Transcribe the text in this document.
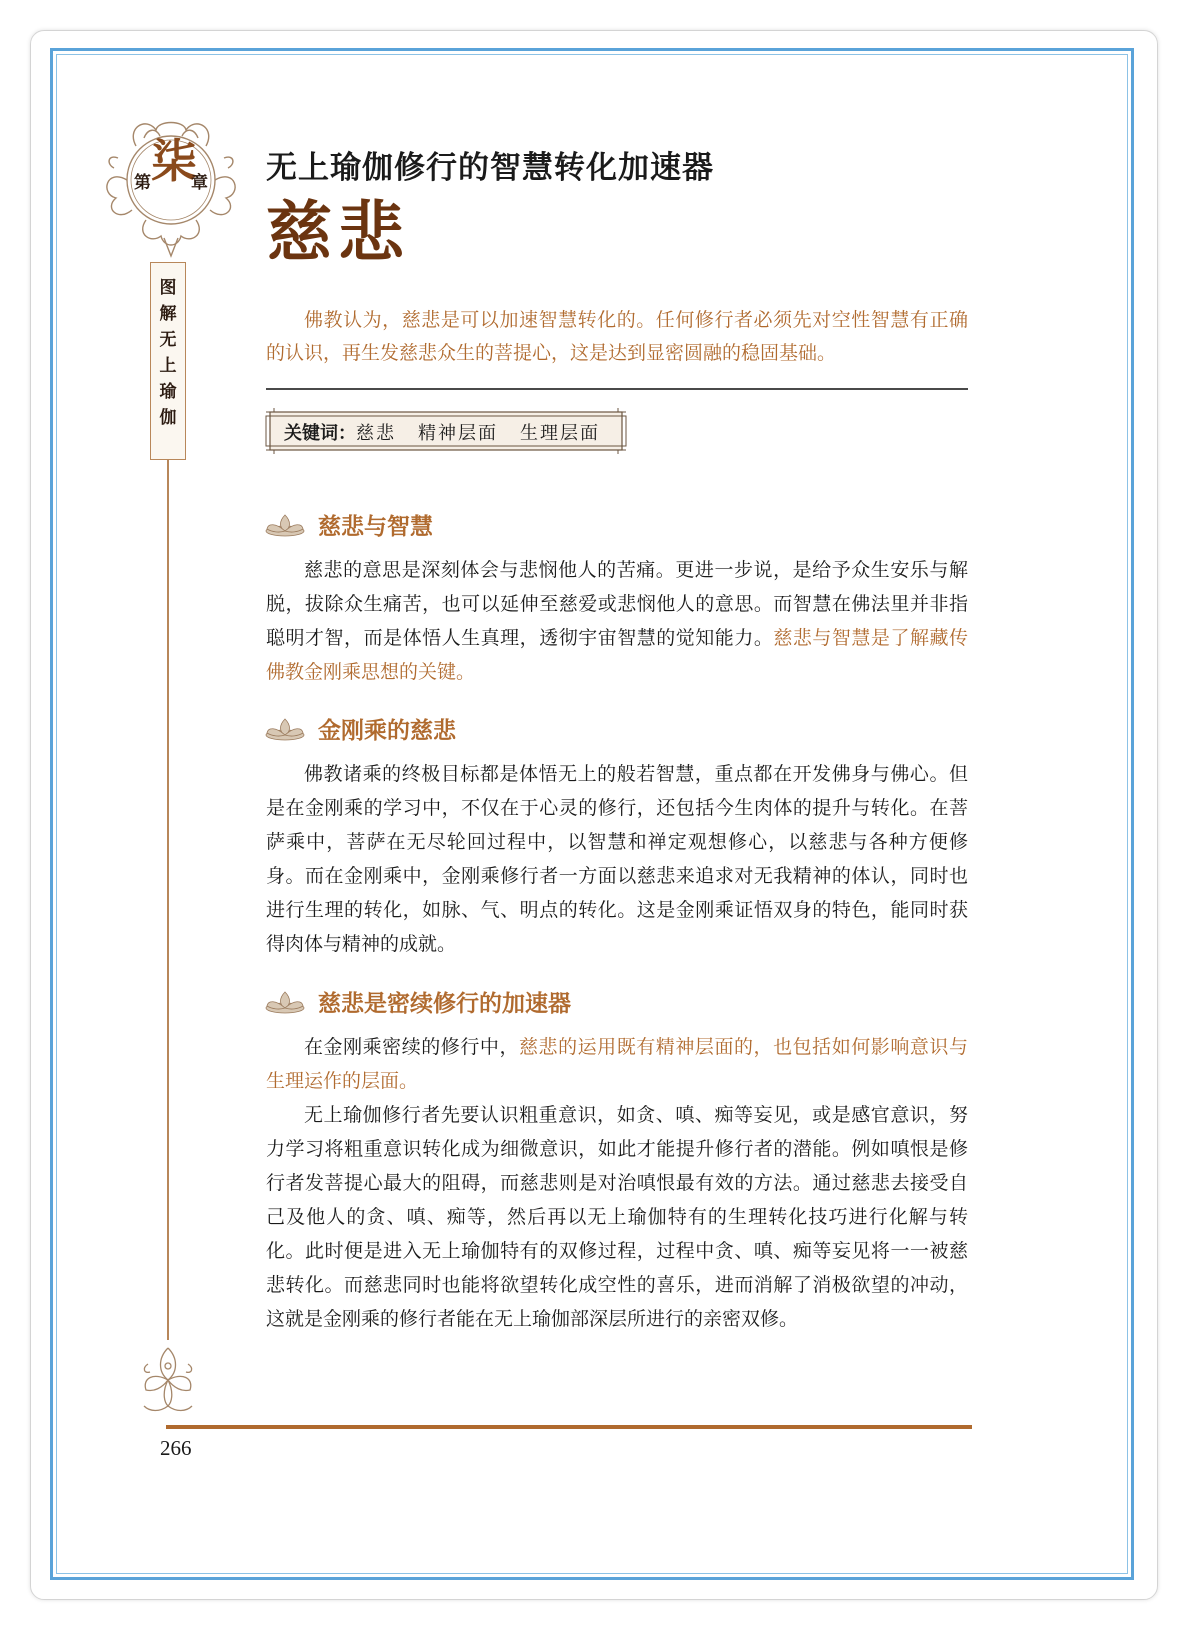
第 柒
章
图
解
无
上
瑜
伽
266
无上瑜伽修行的智慧转化加速器
慈悲

佛教认为，慈悲是可以加速智慧转化的。任何修行者必须先对空性智慧有正确的认识，再生发慈悲众生的菩提心，这是达到显密圆融的稳固基础。

关键词：慈悲 精神层面 生理层面
慈悲与智慧

慈悲的意思是深刻体会与悲悯他人的苦痛。更进一步说，是给予众生安乐与解脱，拔除众生痛苦，也可以延伸至慈爱或悲悯他人的意思。而智慧在佛法里并非指聪明才智，而是体悟人生真理，透彻宇宙智慧的觉知能力。慈悲与智慧是了解藏传佛教金刚乘思想的关键。

金刚乘的慈悲

佛教诸乘的终极目标都是体悟无上的般若智慧，重点都在开发佛身与佛心。但是在金刚乘的学习中，不仅在于心灵的修行，还包括今生肉体的提升与转化。在菩萨乘中，菩萨在无尽轮回过程中，以智慧和禅定观想修心，以慈悲与各种方便修身。而在金刚乘中，金刚乘修行者一方面以慈悲来追求对无我精神的体认，同时也进行生理的转化，如脉、气、明点的转化。这是金刚乘证悟双身的特色，能同时获得肉体与精神的成就。

慈悲是密续修行的加速器

在金刚乘密续的修行中，慈悲的运用既有精神层面的，也包括如何影响意识与生理运作的层面。

无上瑜伽修行者先要认识粗重意识，如贪、嗔、痴等妄见，或是感官意识，努力学习将粗重意识转化成为细微意识，如此才能提升修行者的潜能。例如嗔恨是修行者发菩提心最大的阻碍，而慈悲则是对治嗔恨最有效的方法。通过慈悲去接受自己及他人的贪、嗔、痴等，然后再以无上瑜伽特有的生理转化技巧进行化解与转化。此时便是进入无上瑜伽特有的双修过程，过程中贪、嗔、痴等妄见将一一被慈悲转化。而慈悲同时也能将欲望转化成空性的喜乐，进而消解了消极欲望的冲动，这就是金刚乘的修行者能在无上瑜伽部深层所进行的亲密双修。
